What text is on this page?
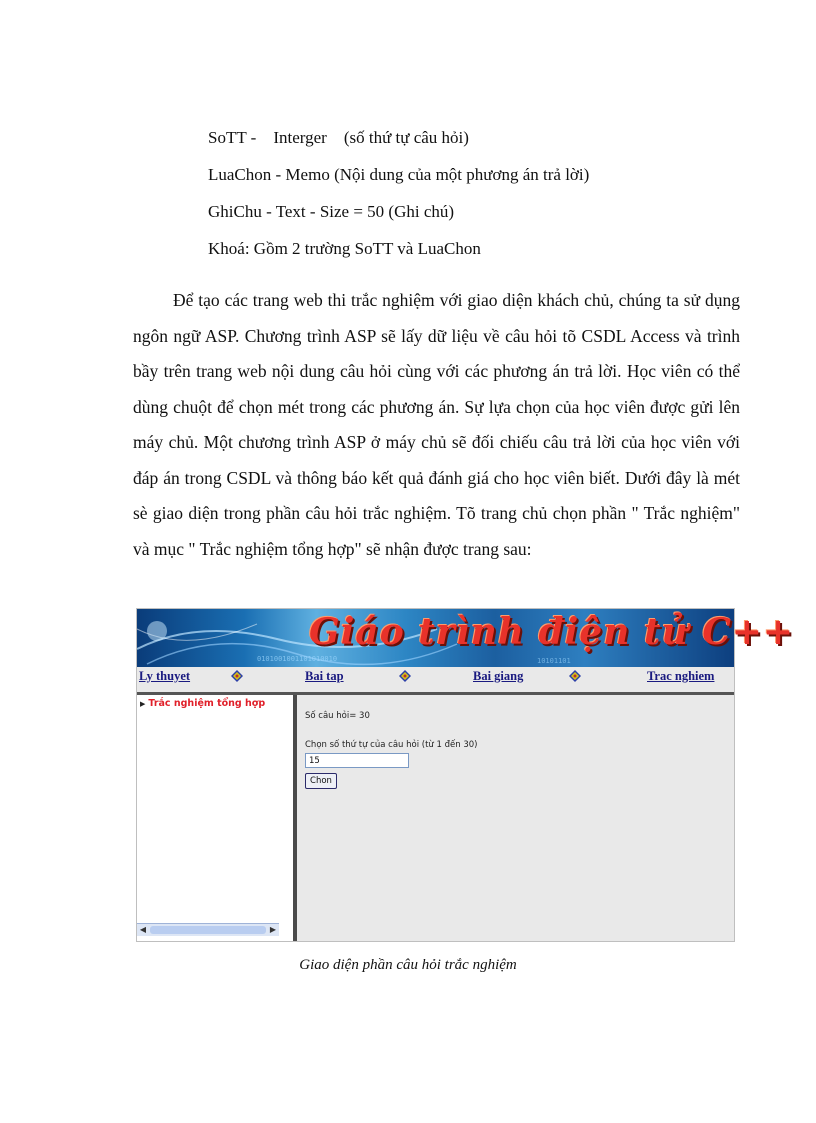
SoTT -    Interger    (số thứ tự câu hỏi)
LuaChon - Memo (Nội dung của một phương án trả lời)
GhiChu - Text - Size = 50 (Ghi chú)
Khoá: Gồm 2 trường SoTT và LuaChon
Để tạo các trang web thi trắc nghiệm với giao diện khách chủ, chúng ta sử dụng ngôn ngữ ASP. Chương trình ASP sẽ lấy dữ liệu về câu hỏi tõ CSDL Access và trình bầy trên trang web nội dung câu hỏi cùng với các phương án trả lời. Học viên có thể dùng chuột để chọn mét trong các phương án. Sự lựa chọn của học viên được gửi lên máy chủ. Một chương trình ASP ở máy chủ sẽ đối chiếu câu trả lời của học viên với đáp án trong CSDL và thông báo kết quả đánh giá cho học viên biết. Dưới đây là mét sè giao diện trong phần câu hỏi trắc nghiệm. Tõ trang chủ chọn phần " Trắc nghiệm" và mục " Trắc nghiệm tổng hợp" sẽ nhận được trang sau:
0101001001101010010	10101101
Giáo trình điện tử C++
Ly thuyet	Bai tap	Bai giang	Trac nghiem
▶ Trắc nghiệm tổng hợp
◀	▶
Số câu hỏi= 30
Chọn số thứ tự của câu hỏi (từ 1 đến 30)
15
Chon
Giao diện phần câu hỏi trắc nghiệm
